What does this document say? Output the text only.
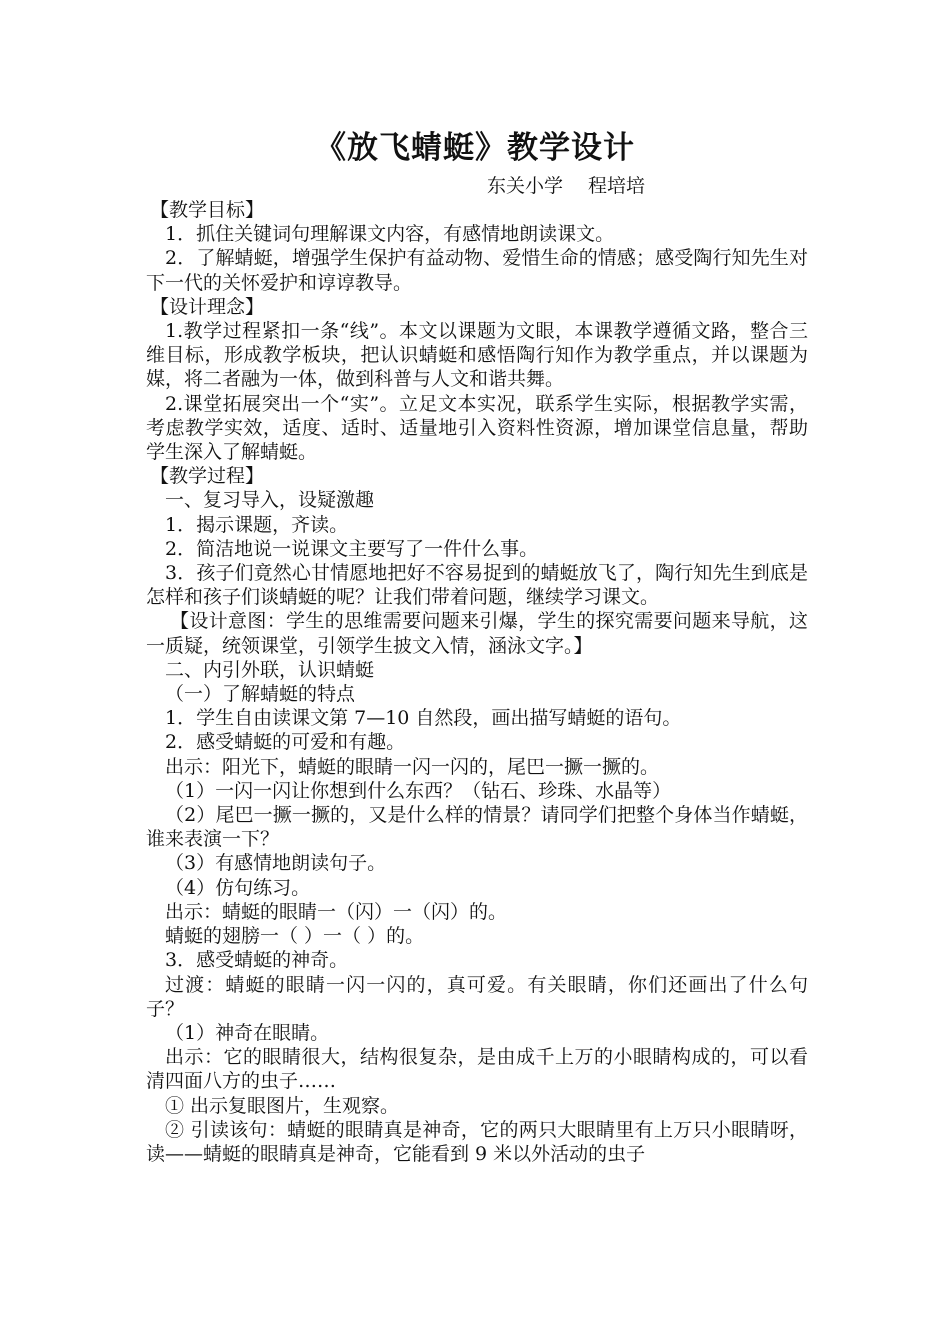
《放飞蜻蜓》教学设计
东关小学　 程培培

【教学目标】

1．抓住关键词句理解课文内容，有感情地朗读课文。

2．了解蜻蜓，增强学生保护有益动物、爱惜生命的情感；感受陶行知先生对下一代的关怀爱护和谆谆教导。

【设计理念】

1.教学过程紧扣一条“线”。本文以课题为文眼，本课教学遵循文路，整合三维目标，形成教学板块，把认识蜻蜓和感悟陶行知作为教学重点，并以课题为媒，将二者融为一体，做到科普与人文和谐共舞。

2.课堂拓展突出一个“实”。立足文本实况，联系学生实际，根据教学实需，考虑教学实效，适度、适时、适量地引入资料性资源，增加课堂信息量，帮助学生深入了解蜻蜓。

【教学过程】

一、复习导入，设疑激趣

1．揭示课题，齐读。

2．简洁地说一说课文主要写了一件什么事。

3．孩子们竟然心甘情愿地把好不容易捉到的蜻蜓放飞了，陶行知先生到底是怎样和孩子们谈蜻蜓的呢？让我们带着问题，继续学习课文。

【设计意图：学生的思维需要问题来引爆，学生的探究需要问题来导航，这一质疑，统领课堂，引领学生披文入情，涵泳文字。】

二、内引外联，认识蜻蜓

（一）了解蜻蜓的特点

1．学生自由读课文第 7—10 自然段，画出描写蜻蜓的语句。

2．感受蜻蜓的可爱和有趣。

出示：阳光下，蜻蜓的眼睛一闪一闪的，尾巴一撅一撅的。

（1）一闪一闪让你想到什么东西？（钻石、珍珠、水晶等）

（2）尾巴一撅一撅的，又是什么样的情景？请同学们把整个身体当作蜻蜓，谁来表演一下？

（3）有感情地朗读句子。

（4）仿句练习。

出示：蜻蜓的眼睛一（闪）一（闪）的。

蜻蜓的翅膀一（ ）一（ ）的。

3．感受蜻蜓的神奇。

过渡：蜻蜓的眼睛一闪一闪的，真可爱。有关眼睛，你们还画出了什么句子？

（1）神奇在眼睛。

出示：它的眼睛很大，结构很复杂，是由成千上万的小眼睛构成的，可以看清四面八方的虫子……

① 出示复眼图片，生观察。

② 引读该句：蜻蜓的眼睛真是神奇，它的两只大眼睛里有上万只小眼睛呀，读——蜻蜓的眼睛真是神奇，它能看到 9 米以外活动的虫子
